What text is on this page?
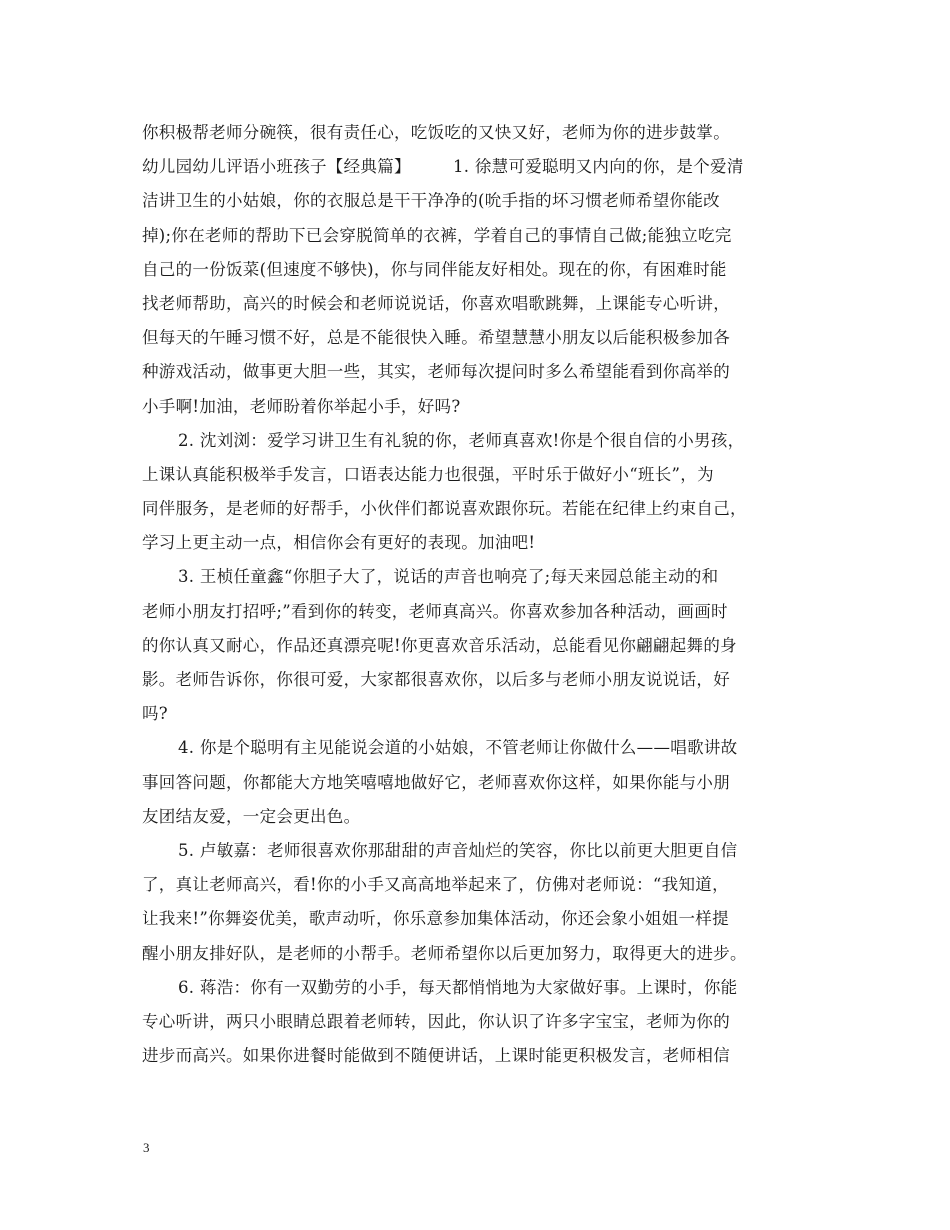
你积极帮老师分碗筷，很有责任心，吃饭吃的又快又好，老师为你的进步鼓掌。
幼儿园幼儿评语小班孩子【经典篇】　　　1. 徐慧可爱聪明又内向的你，是个爱清
洁讲卫生的小姑娘，你的衣服总是干干净净的(吮手指的坏习惯老师希望你能改
掉);你在老师的帮助下已会穿脱简单的衣裤，学着自己的事情自己做;能独立吃完
自己的一份饭菜(但速度不够快)，你与同伴能友好相处。现在的你，有困难时能
找老师帮助，高兴的时候会和老师说说话，你喜欢唱歌跳舞，上课能专心听讲，
但每天的午睡习惯不好，总是不能很快入睡。希望慧慧小朋友以后能积极参加各
种游戏活动，做事更大胆一些，其实，老师每次提问时多么希望能看到你高举的
小手啊!加油，老师盼着你举起小手，好吗?
2. 沈刘浏：爱学习讲卫生有礼貌的你，老师真喜欢!你是个很自信的小男孩，
上课认真能积极举手发言，口语表达能力也很强，平时乐于做好小“班长”，为
同伴服务，是老师的好帮手，小伙伴们都说喜欢跟你玩。若能在纪律上约束自己，
学习上更主动一点，相信你会有更好的表现。加油吧!
3. 王桢任童鑫“你胆子大了，说话的声音也响亮了;每天来园总能主动的和
老师小朋友打招呼;”看到你的转变，老师真高兴。你喜欢参加各种活动，画画时
的你认真又耐心，作品还真漂亮呢!你更喜欢音乐活动，总能看见你翩翩起舞的身
影。老师告诉你，你很可爱，大家都很喜欢你，以后多与老师小朋友说说话，好
吗?
4. 你是个聪明有主见能说会道的小姑娘，不管老师让你做什么——唱歌讲故
事回答问题，你都能大方地笑嘻嘻地做好它，老师喜欢你这样，如果你能与小朋
友团结友爱，一定会更出色。
5. 卢敏嘉：老师很喜欢你那甜甜的声音灿烂的笑容，你比以前更大胆更自信
了，真让老师高兴，看!你的小手又高高地举起来了，仿佛对老师说：“我知道，
让我来!”你舞姿优美，歌声动听，你乐意参加集体活动，你还会象小姐姐一样提
醒小朋友排好队，是老师的小帮手。老师希望你以后更加努力，取得更大的进步。
6. 蒋浩：你有一双勤劳的小手，每天都悄悄地为大家做好事。上课时，你能
专心听讲，两只小眼睛总跟着老师转，因此，你认识了许多字宝宝，老师为你的
进步而高兴。如果你进餐时能做到不随便讲话，上课时能更积极发言，老师相信
3
